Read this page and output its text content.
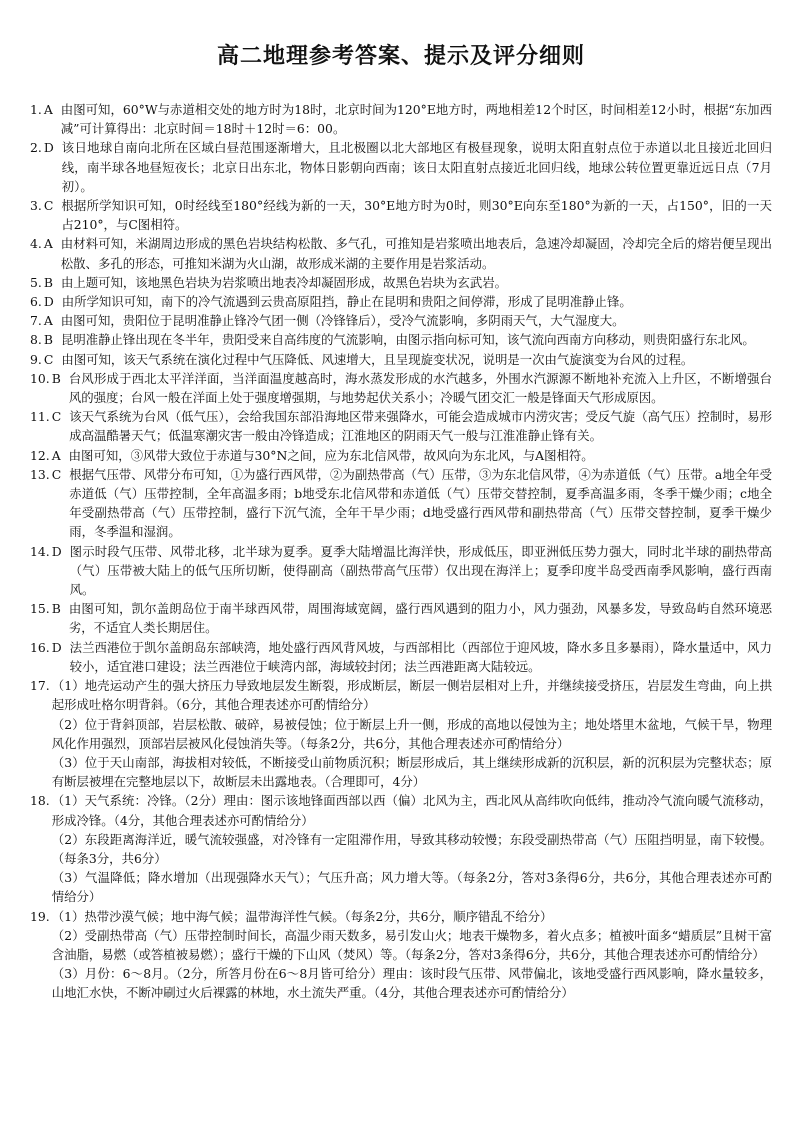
高二地理参考答案、提示及评分细则
1. A 由图可知，60°W与赤道相交处的地方时为18时，北京时间为120°E地方时，两地相差12个时区，时间相差12小时，根据“东加西减”可计算得出：北京时间＝18时＋12时＝6：00。

2. D 该日地球自南向北所在区域白昼范围逐渐增大，且北极圈以北大部地区有极昼现象，说明太阳直射点位于赤道以北且接近北回归线，南半球各地昼短夜长；北京日出东北，物体日影朝向西南；该日太阳直射点接近北回归线，地球公转位置更靠近远日点（7月初）。

3. C 根据所学知识可知，0时经线至180°经线为新的一天，30°E地方时为0时，则30°E向东至180°为新的一天，占150°，旧的一天占210°，与C图相符。

4. A 由材料可知，米湖周边形成的黑色岩块结构松散、多气孔，可推知是岩浆喷出地表后，急速冷却凝固，冷却完全后的熔岩便呈现出松散、多孔的形态，可推知米湖为火山湖，故形成米湖的主要作用是岩浆活动。

5. B 由上题可知，该地黑色岩块为岩浆喷出地表冷却凝固形成，故黑色岩块为玄武岩。

6. D 由所学知识可知，南下的冷气流遇到云贵高原阻挡，静止在昆明和贵阳之间停滞，形成了昆明准静止锋。

7. A 由图可知，贵阳位于昆明准静止锋冷气团一侧（冷锋锋后），受冷气流影响，多阴雨天气，大气湿度大。

8. B 昆明准静止锋出现在冬半年，贵阳受来自高纬度的气流影响，由图示指向标可知，该气流向西南方向移动，则贵阳盛行东北风。

9. C 由图可知，该天气系统在演化过程中气压降低、风速增大，且呈现旋变状况，说明是一次由气旋演变为台风的过程。

10. B 台风形成于西北太平洋洋面，当洋面温度越高时，海水蒸发形成的水汽越多，外围水汽源源不断地补充流入上升区，不断增强台风的强度；台风一般在洋面上处于强度增强期，与地势起伏关系小；冷暖气团交汇一般是锋面天气形成原因。

11. C 该天气系统为台风（低气压），会给我国东部沿海地区带来强降水，可能会造成城市内涝灾害；受反气旋（高气压）控制时，易形成高温酷暑天气；低温寒潮灾害一般由冷锋造成；江淮地区的阴雨天气一般与江淮准静止锋有关。

12. A 由图可知，③风带大致位于赤道与30°N之间，应为东北信风带，故风向为东北风，与A图相符。

13. C 根据气压带、风带分布可知，①为盛行西风带，②为副热带高（气）压带，③为东北信风带，④为赤道低（气）压带。a地全年受赤道低（气）压带控制，全年高温多雨；b地受东北信风带和赤道低（气）压带交替控制，夏季高温多雨，冬季干燥少雨；c地全年受副热带高（气）压带控制，盛行下沉气流，全年干旱少雨；d地受盛行西风带和副热带高（气）压带交替控制，夏季干燥少雨，冬季温和湿润。

14. D 图示时段气压带、风带北移，北半球为夏季。夏季大陆增温比海洋快，形成低压，即亚洲低压势力强大，同时北半球的副热带高（气）压带被大陆上的低气压所切断，使得副高（副热带高气压带）仅出现在海洋上；夏季印度半岛受西南季风影响，盛行西南风。

15. B 由图可知，凯尔盖朗岛位于南半球西风带，周围海域宽阔，盛行西风遇到的阻力小，风力强劲，风暴多发，导致岛屿自然环境恶劣，不适宜人类长期居住。

16. D 法兰西港位于凯尔盖朗岛东部峡湾，地处盛行西风背风坡，与西部相比（西部位于迎风坡，降水多且多暴雨），降水量适中，风力较小，适宜港口建设；法兰西港位于峡湾内部，海域较封闭；法兰西港距离大陆较远。

17. （1）地壳运动产生的强大挤压力导致地层发生断裂，形成断层，断层一侧岩层相对上升，并继续接受挤压，岩层发生弯曲，向上拱起形成吐格尔明背斜。（6分，其他合理表述亦可酌情给分）

（2）位于背斜顶部，岩层松散、破碎，易被侵蚀；位于断层上升一侧，形成的高地以侵蚀为主；地处塔里木盆地，气候干旱，物理风化作用强烈，顶部岩层被风化侵蚀消失等。（每条2分，共6分，其他合理表述亦可酌情给分）

（3）位于天山南部，海拔相对较低，不断接受山前物质沉积；断层形成后，其上继续形成新的沉积层，新的沉积层为完整状态；原有断层被埋在完整地层以下，故断层未出露地表。（合理即可，4分）

18. （1）天气系统：冷锋。（2分）理由：图示该地锋面西部以西（偏）北风为主，西北风从高纬吹向低纬，推动冷气流向暖气流移动，形成冷锋。（4分，其他合理表述亦可酌情给分）

（2）东段距离海洋近，暖气流较强盛，对冷锋有一定阻滞作用，导致其移动较慢；东段受副热带高（气）压阻挡明显，南下较慢。（每条3分，共6分）

（3）气温降低；降水增加（出现强降水天气）；气压升高；风力增大等。（每条2分，答对3条得6分，共6分，其他合理表述亦可酌情给分）

19. （1）热带沙漠气候；地中海气候；温带海洋性气候。（每条2分，共6分，顺序错乱不给分）

（2）受副热带高（气）压带控制时间长，高温少雨天数多，易引发山火；地表干燥物多，着火点多；植被叶面多“蜡质层”且树干富含油脂，易燃（或答植被易燃）；盛行干燥的下山风（焚风）等。（每条2分，答对3条得6分，共6分，其他合理表述亦可酌情给分）

（3）月份：6～8月。（2分，所答月份在6～8月皆可给分）理由：该时段气压带、风带偏北，该地受盛行西风影响，降水量较多，山地汇水快，不断冲刷过火后裸露的林地，水土流失严重。（4分，其他合理表述亦可酌情给分）
